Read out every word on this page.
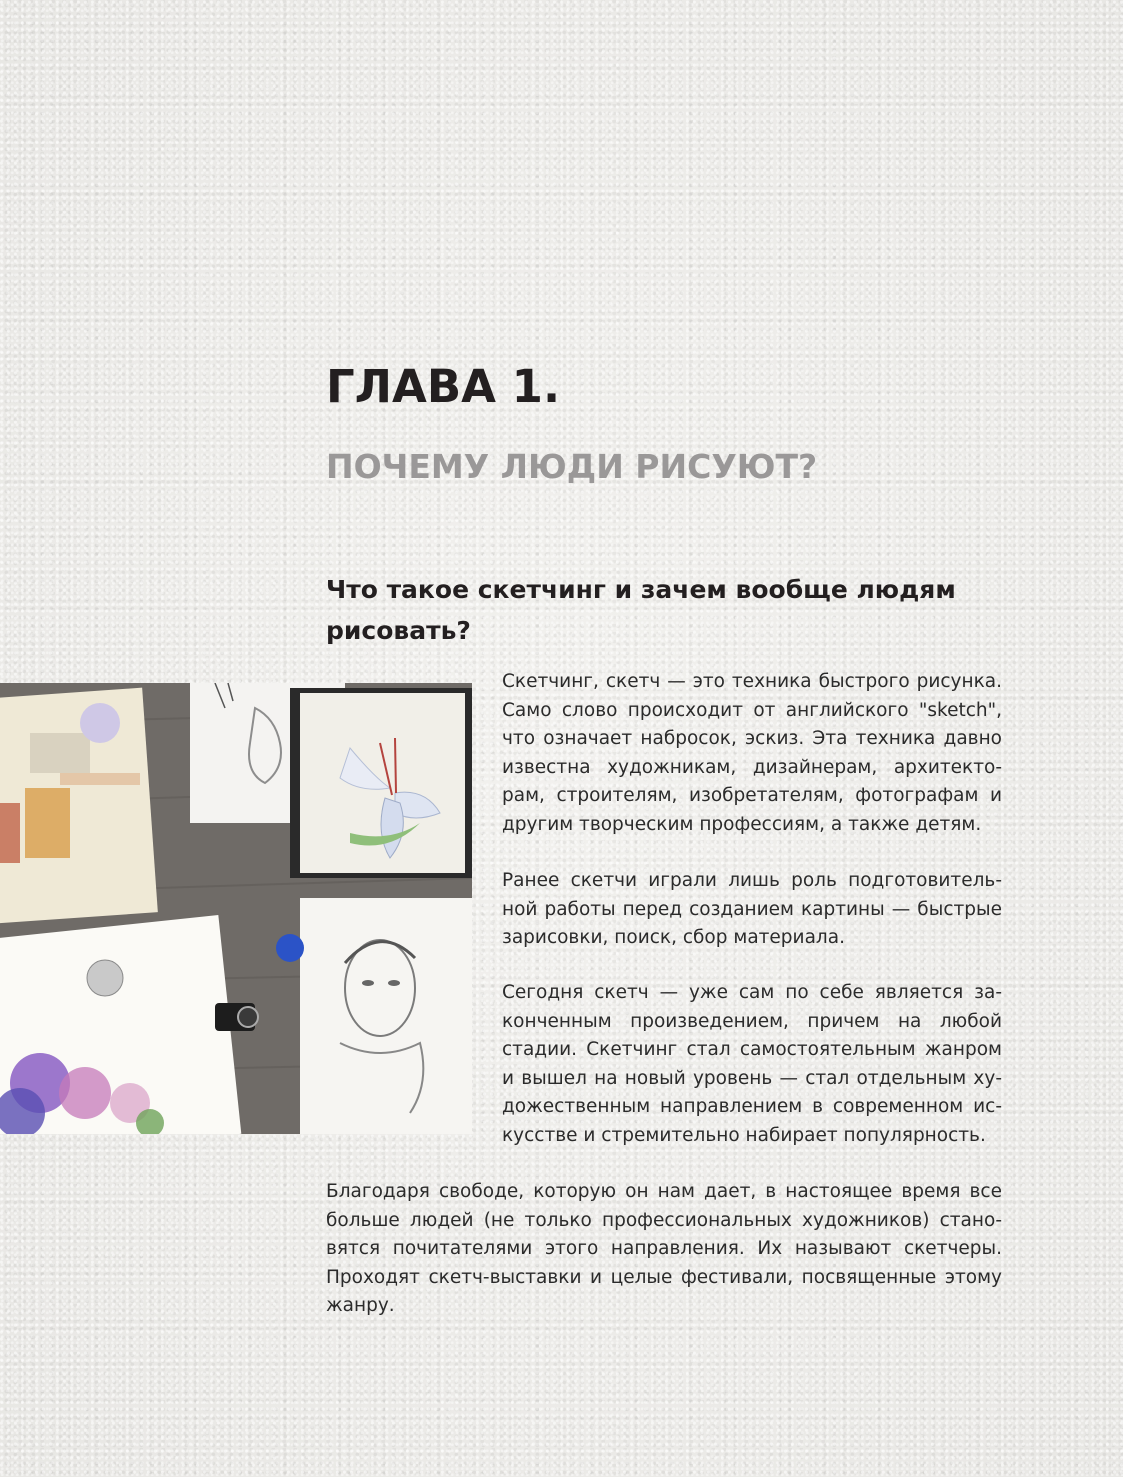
ГЛАВА 1.
ПОЧЕМУ ЛЮДИ РИСУЮТ?
Что такое скетчинг и зачем вообще людям рисовать?

Скетчинг, скетч — это техника быстрого рисунка. Само слово происходит от английского "sketch", что означает набросок, эскиз. Эта техника давно известна художникам, дизайнерам, архитекторам, строителям, изобретателям, фотографам и другим творческим профессиям, а также детям.

Ранее скетчи играли лишь роль подготовительной работы перед созданием картины — быстрые зарисовки, поиск, сбор материала.

Сегодня скетч — уже сам по себе является законченным произведением, причем на любой стадии. Скетчинг стал самостоятельным жанром и вышел на новый уровень — стал отдельным художественным направлением в современном искусстве и стремительно набирает популярность.

Благодаря свободе, которую он нам дает, в настоящее время все больше людей (не только профессиональных художников) становятся почитателями этого направления. Их называют скетчеры. Проходят скетч-выставки и целые фестивали, посвященные этому жанру.
